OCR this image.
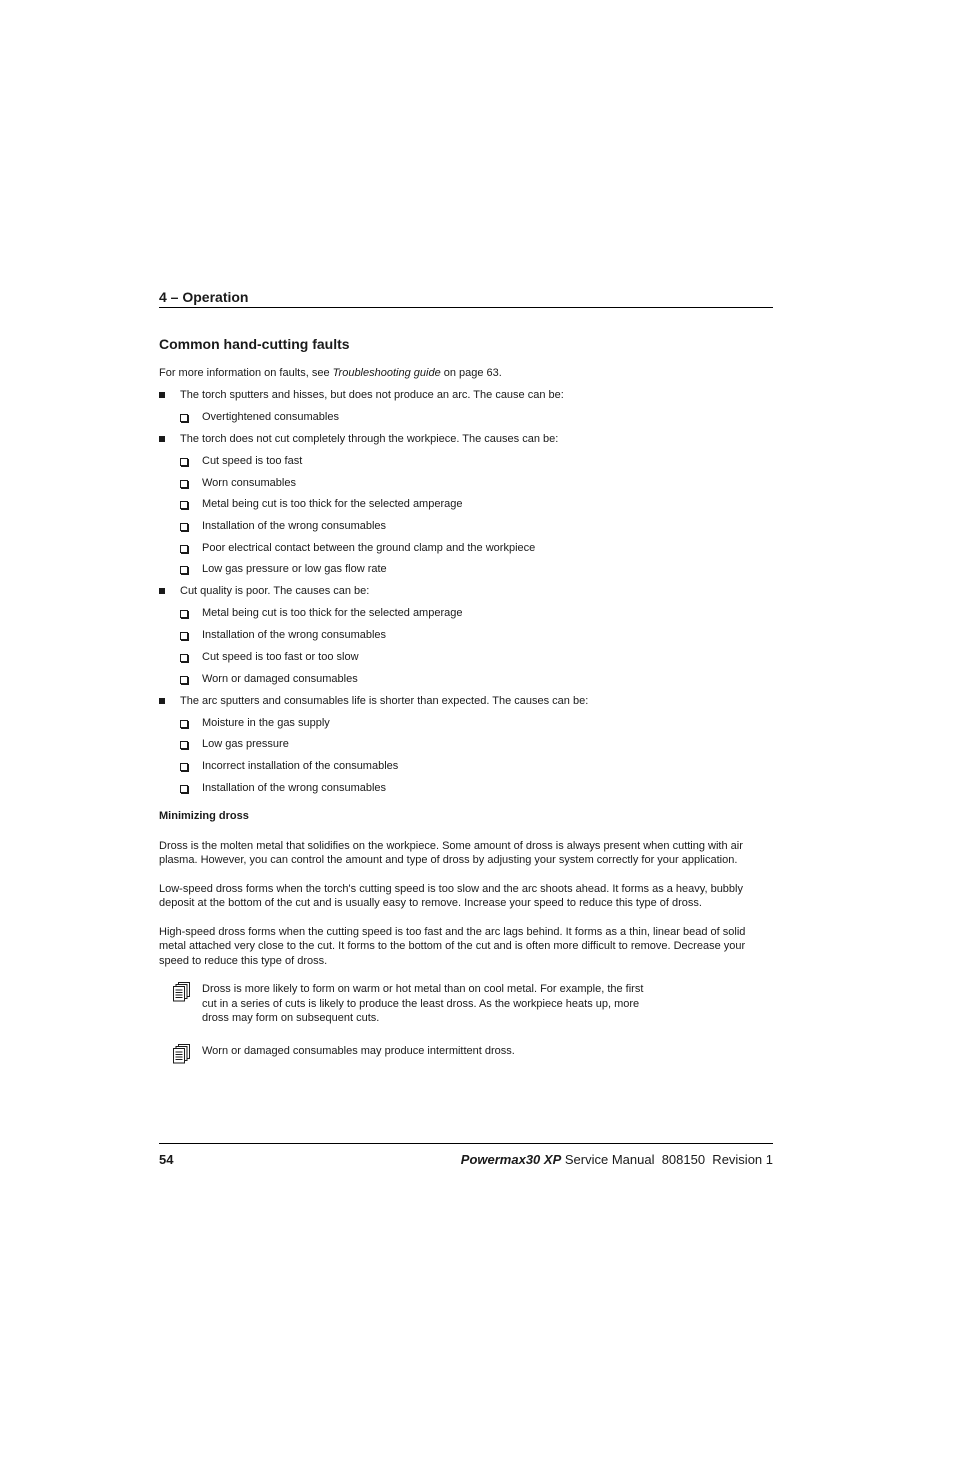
4 – Operation
Common hand-cutting faults

For more information on faults, see Troubleshooting guide on page 63.

The torch sputters and hisses, but does not produce an arc. The cause can be:
Overtightened consumables
The torch does not cut completely through the workpiece. The causes can be:
Cut speed is too fast
Worn consumables
Metal being cut is too thick for the selected amperage
Installation of the wrong consumables
Poor electrical contact between the ground clamp and the workpiece
Low gas pressure or low gas flow rate
Cut quality is poor. The causes can be:
Metal being cut is too thick for the selected amperage
Installation of the wrong consumables
Cut speed is too fast or too slow
Worn or damaged consumables
The arc sputters and consumables life is shorter than expected. The causes can be:
Moisture in the gas supply
Low gas pressure
Incorrect installation of the consumables
Installation of the wrong consumables
Minimizing dross

Dross is the molten metal that solidifies on the workpiece. Some amount of dross is always present when cutting with air plasma. However, you can control the amount and type of dross by adjusting your system correctly for your application.

Low-speed dross forms when the torch's cutting speed is too slow and the arc shoots ahead. It forms as a heavy, bubbly deposit at the bottom of the cut and is usually easy to remove. Increase your speed to reduce this type of dross.

High-speed dross forms when the cutting speed is too fast and the arc lags behind. It forms as a thin, linear bead of solid metal attached very close to the cut. It forms to the bottom of the cut and is often more difficult to remove. Decrease your speed to reduce this type of dross.

Dross is more likely to form on warm or hot metal than on cool metal. For example, the first cut in a series of cuts is likely to produce the least dross. As the workpiece heats up, more dross may form on subsequent cuts.
Worn or damaged consumables may produce intermittent dross.
54	Powermax30 XP Service Manual  808150  Revision 1
